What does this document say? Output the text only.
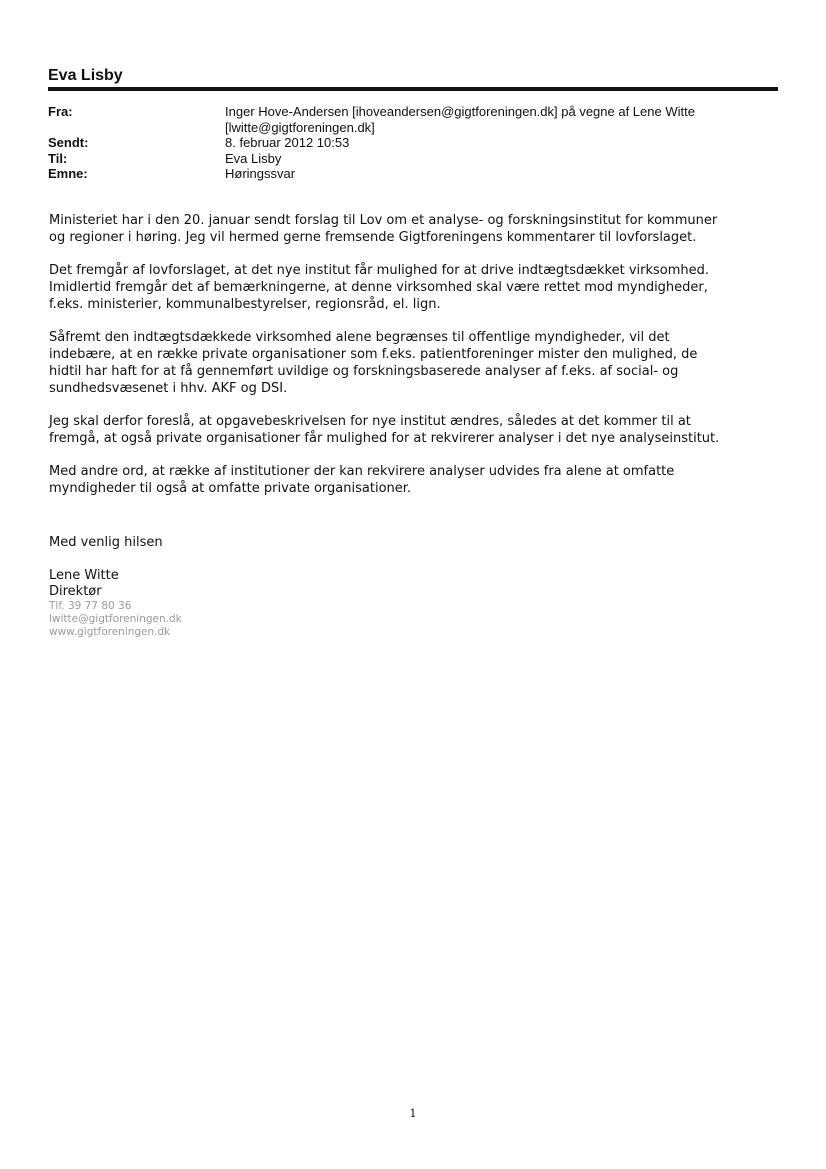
Eva Lisby
Fra:	Inger Hove-Andersen [ihoveandersen@gigtforeningen.dk] på vegne af Lene Witte
[lwitte@gigtforeningen.dk]
Sendt:	8. februar 2012 10:53
Til:	Eva Lisby
Emne:	Høringssvar
Ministeriet har i den 20. januar sendt forslag til Lov om et analyse- og forskningsinstitut for kommuner
og regioner i høring. Jeg vil hermed gerne fremsende Gigtforeningens kommentarer til lovforslaget.
Det fremgår af lovforslaget, at det nye institut får mulighed for at drive indtægtsdækket virksomhed.
Imidlertid fremgår det af bemærkningerne, at denne virksomhed skal være rettet mod myndigheder,
f.eks. ministerier, kommunalbestyrelser, regionsråd, el. lign.
Såfremt den indtægtsdækkede virksomhed alene begrænses til offentlige myndigheder, vil det
indebære, at en række private organisationer som f.eks. patientforeninger mister den mulighed, de
hidtil har haft for at få gennemført uvildige og forskningsbaserede analyser af f.eks. af social- og
sundhedsvæsenet i hhv. AKF og DSI.
Jeg skal derfor foreslå, at opgavebeskrivelsen for nye institut ændres, således at det kommer til at
fremgå, at også private organisationer får mulighed for at rekvirerer analyser i det nye analyseinstitut.
Med andre ord, at række af institutioner der kan rekvirere analyser udvides fra alene at omfatte
myndigheder til også at omfatte private organisationer.
Med venlig hilsen
Lene Witte
Direktør
Tlf. 39 77 80 36
lwitte@gigtforeningen.dk
www.gigtforeningen.dk
1
